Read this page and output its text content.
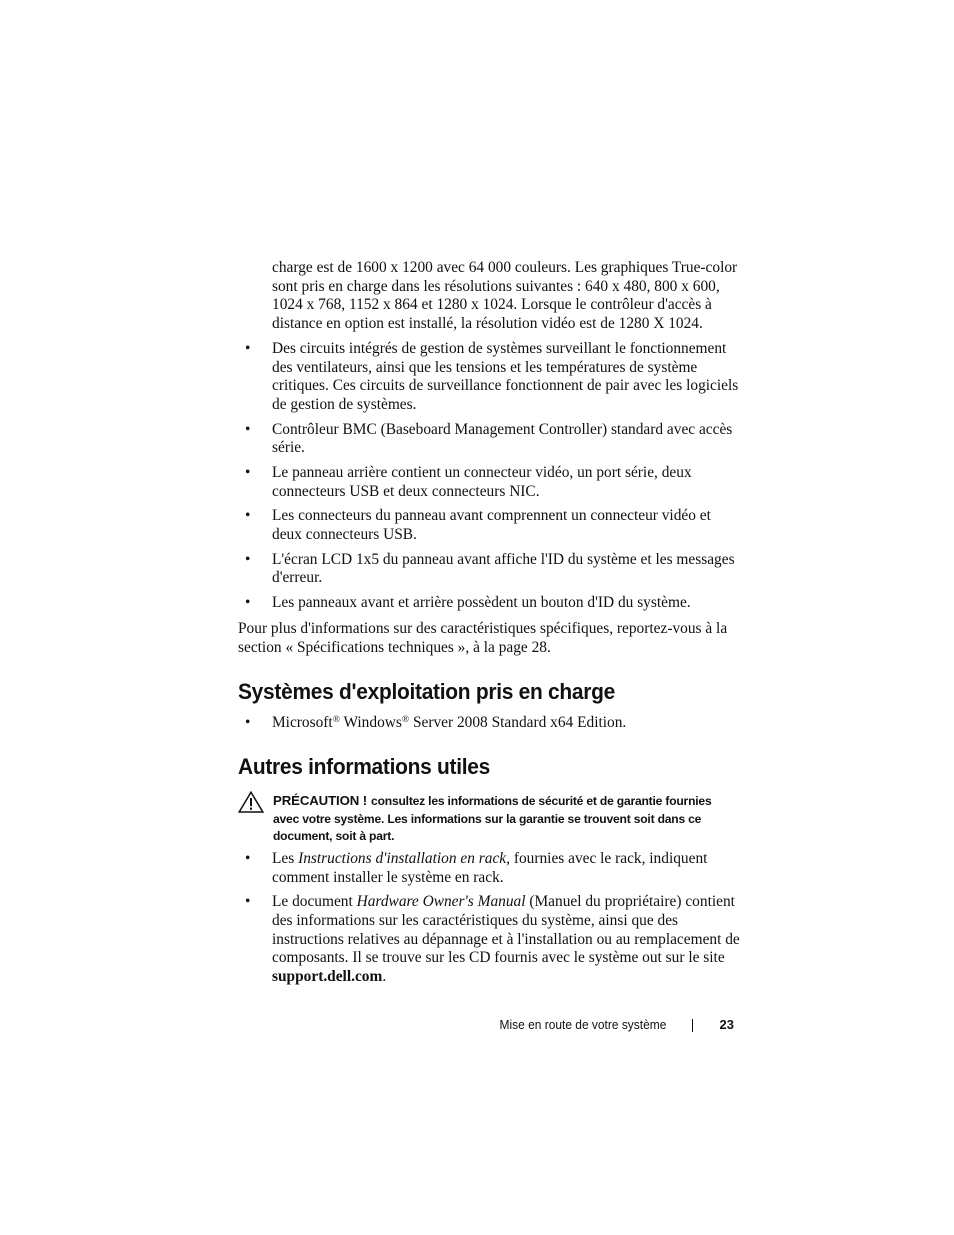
charge est de 1600 x 1200 avec 64 000 couleurs. Les graphiques True-color sont pris en charge dans les résolutions suivantes : 640 x 480, 800 x 600, 1024 x 768, 1152 x 864 et 1280 x 1024. Lorsque le contrôleur d'accès à distance en option est installé, la résolution vidéo est de 1280 X 1024.

• Des circuits intégrés de gestion de systèmes surveillant le fonctionnement des ventilateurs, ainsi que les tensions et les températures de système critiques. Ces circuits de surveillance fonctionnent de pair avec les logiciels de gestion de systèmes.
• Contrôleur BMC (Baseboard Management Controller) standard avec accès série.
• Le panneau arrière contient un connecteur vidéo, un port série, deux connecteurs USB et deux connecteurs NIC.
• Les connecteurs du panneau avant comprennent un connecteur vidéo et deux connecteurs USB.
• L'écran LCD 1x5 du panneau avant affiche l'ID du système et les messages d'erreur.
• Les panneaux avant et arrière possèdent un bouton d'ID du système.

Pour plus d'informations sur des caractéristiques spécifiques, reportez-vous à la section « Spécifications techniques », à la page 28.

Systèmes d'exploitation pris en charge
• Microsoft® Windows® Server 2008 Standard x64 Edition.
Autres informations utiles

PRÉCAUTION ! consultez les informations de sécurité et de garantie fournies avec votre système. Les informations sur la garantie se trouvent soit dans ce document, soit à part.

• Les Instructions d'installation en rack, fournies avec le rack, indiquent comment installer le système en rack.
• Le document Hardware Owner's Manual (Manuel du propriétaire) contient des informations sur les caractéristiques du système, ainsi que des instructions relatives au dépannage et à l'installation ou au remplacement de composants. Il se trouve sur les CD fournis avec le système out sur le site support.dell.com.
Mise en route de votre système	23
